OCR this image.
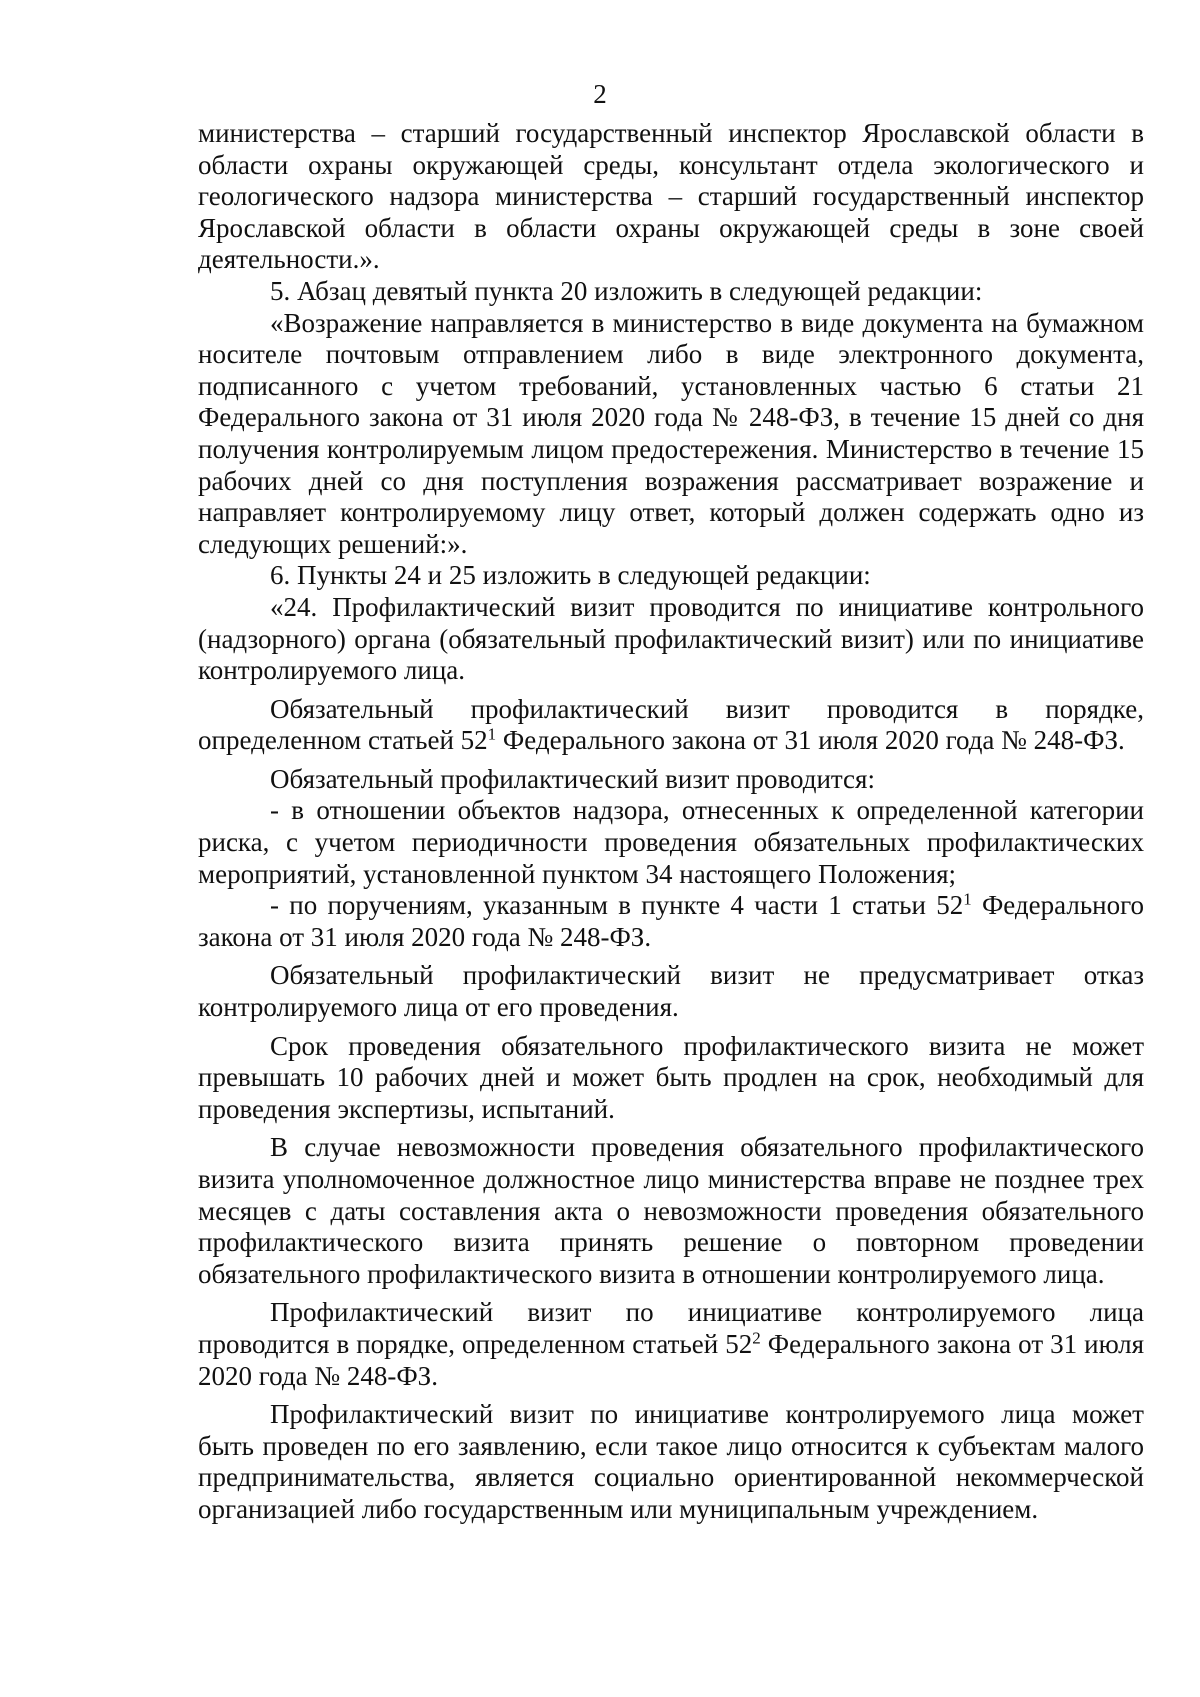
2

министерства – старший государственный инспектор Ярославской области в области охраны окружающей среды, консультант отдела экологического и геологического надзора министерства – старший государственный инспектор Ярославской области в области охраны окружающей среды в зоне своей деятельности.».

5. Абзац девятый пункта 20 изложить в следующей редакции:

«Возражение направляется в министерство в виде документа на бумажном носителе почтовым отправлением либо в виде электронного документа, подписанного с учетом требований, установленных частью 6 статьи 21 Федерального закона от 31 июля 2020 года № 248-ФЗ, в течение 15 дней со дня получения контролируемым лицом предостережения. Министерство в течение 15 рабочих дней со дня поступления возражения рассматривает возражение и направляет контролируемому лицу ответ, который должен содержать одно из следующих решений:».

6. Пункты 24 и 25 изложить в следующей редакции:

«24. Профилактический визит проводится по инициативе контрольного (надзорного) органа (обязательный профилактический визит) или по инициативе контролируемого лица.

Обязательный профилактический визит проводится в порядке, определенном статьей $52^1$ Федерального закона от 31 июля 2020 года № 248-ФЗ.

Обязательный профилактический визит проводится:

- в отношении объектов надзора, отнесенных к определенной категории риска, с учетом периодичности проведения обязательных профилактических мероприятий, установленной пунктом 34 настоящего Положения;

- по поручениям, указанным в пункте 4 части 1 статьи $52^1$ Федерального закона от 31 июля 2020 года № 248-ФЗ.

Обязательный профилактический визит не предусматривает отказ контролируемого лица от его проведения.

Срок проведения обязательного профилактического визита не может превышать 10 рабочих дней и может быть продлен на срок, необходимый для проведения экспертизы, испытаний.

В случае невозможности проведения обязательного профилактического визита уполномоченное должностное лицо министерства вправе не позднее трех месяцев с даты составления акта о невозможности проведения обязательного профилактического визита принять решение о повторном проведении обязательного профилактического визита в отношении контролируемого лица.

Профилактический визит по инициативе контролируемого лица проводится в порядке, определенном статьей $52^2$ Федерального закона от 31 июля 2020 года № 248-ФЗ.

Профилактический визит по инициативе контролируемого лица может быть проведен по его заявлению, если такое лицо относится к субъектам малого предпринимательства, является социально ориентированной некоммерческой организацией либо государственным или муниципальным учреждением.
